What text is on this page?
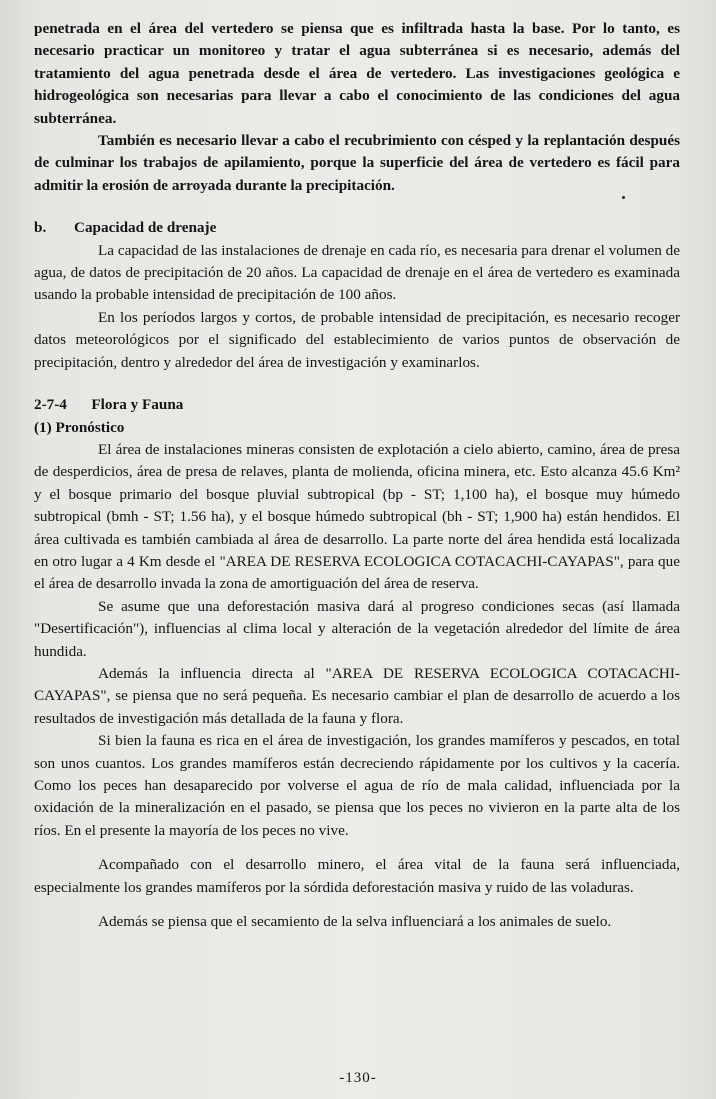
penetrada en el área del vertedero se piensa que es infiltrada hasta la base. Por lo tanto, es necesario practicar un monitoreo y tratar el agua subterránea si es necesario, además del tratamiento del agua penetrada desde el área de vertedero. Las investigaciones geológica e hidrogeológica son necesarias para llevar a cabo el conocimiento de las condiciones del agua subterránea.

También es necesario llevar a cabo el recubrimiento con césped y la replantación después de culminar los trabajos de apilamiento, porque la superficie del área de vertedero es fácil para admitir la erosión de arroyada durante la precipitación.

b. Capacidad de drenaje

La capacidad de las instalaciones de drenaje en cada río, es necesaria para drenar el volumen de agua, de datos de precipitación de 20 años. La capacidad de drenaje en el área de vertedero es examinada usando la probable intensidad de precipitación de 100 años.

En los períodos largos y cortos, de probable intensidad de precipitación, es necesario recoger datos meteorológicos por el significado del establecimiento de varios puntos de observación de precipitación, dentro y alrededor del área de investigación y examinarlos.

2-7-4 Flora y Fauna

(1) Pronóstico

El área de instalaciones mineras consisten de explotación a cielo abierto, camino, área de presa de desperdicios, área de presa de relaves, planta de molienda, oficina minera, etc. Esto alcanza 45.6 Km² y el bosque primario del bosque pluvial subtropical (bp - ST; 1,100 ha), el bosque muy húmedo subtropical (bmh - ST; 1.56 ha), y el bosque húmedo subtropical (bh - ST; 1,900 ha) están hendidos. El área cultivada es también cambiada al área de desarrollo. La parte norte del área hendida está localizada en otro lugar a 4 Km desde el "AREA DE RESERVA ECOLOGICA COTACACHI-CAYAPAS", para que el área de desarrollo invada la zona de amortiguación del área de reserva.

Se asume que una deforestación masiva dará al progreso condiciones secas (así llamada "Desertificación"), influencias al clima local y alteración de la vegetación alrededor del límite de área hundida.

Además la influencia directa al "AREA DE RESERVA ECOLOGICA COTACACHI-CAYAPAS", se piensa que no será pequeña. Es necesario cambiar el plan de desarrollo de acuerdo a los resultados de investigación más detallada de la fauna y flora.

Si bien la fauna es rica en el área de investigación, los grandes mamíferos y pescados, en total son unos cuantos. Los grandes mamíferos están decreciendo rápidamente por los cultivos y la cacería. Como los peces han desaparecido por volverse el agua de río de mala calidad, influenciada por la oxidación de la mineralización en el pasado, se piensa que los peces no vivieron en la parte alta de los ríos. En el presente la mayoría de los peces no vive.

Acompañado con el desarrollo minero, el área vital de la fauna será influenciada, especialmente los grandes mamíferos por la sórdida deforestación masiva y ruido de las voladuras.

Además se piensa que el secamiento de la selva influenciará a los animales de suelo.

-130-
